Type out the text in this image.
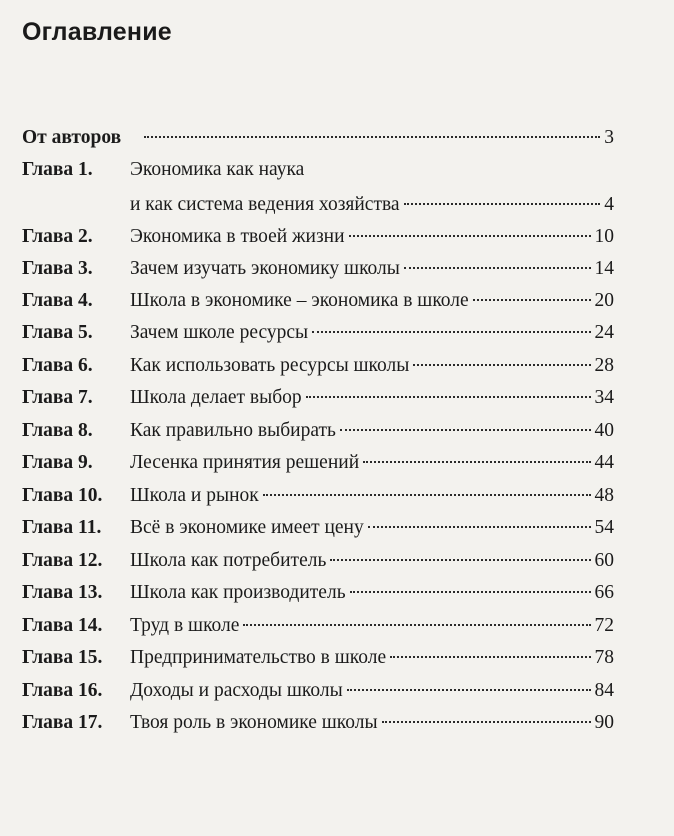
Оглавление
От авторов	3
Глава 1.	Экономика как наука
и как система ведения хозяйства	4
Глава 2.	Экономика в твоей жизни	10
Глава 3.	Зачем изучать экономику школы	14
Глава 4.	Школа в экономике – экономика в школе	20
Глава 5.	Зачем школе ресурсы	24
Глава 6.	Как использовать ресурсы школы	28
Глава 7.	Школа делает выбор	34
Глава 8.	Как правильно выбирать	40
Глава 9.	Лесенка принятия решений	44
Глава 10.	Школа и рынок	48
Глава 11.	Всё в экономике имеет цену	54
Глава 12.	Школа как потребитель	60
Глава 13.	Школа как производитель	66
Глава 14.	Труд в школе	72
Глава 15.	Предпринимательство в школе	78
Глава 16.	Доходы и расходы школы	84
Глава 17.	Твоя роль в экономике школы	90
